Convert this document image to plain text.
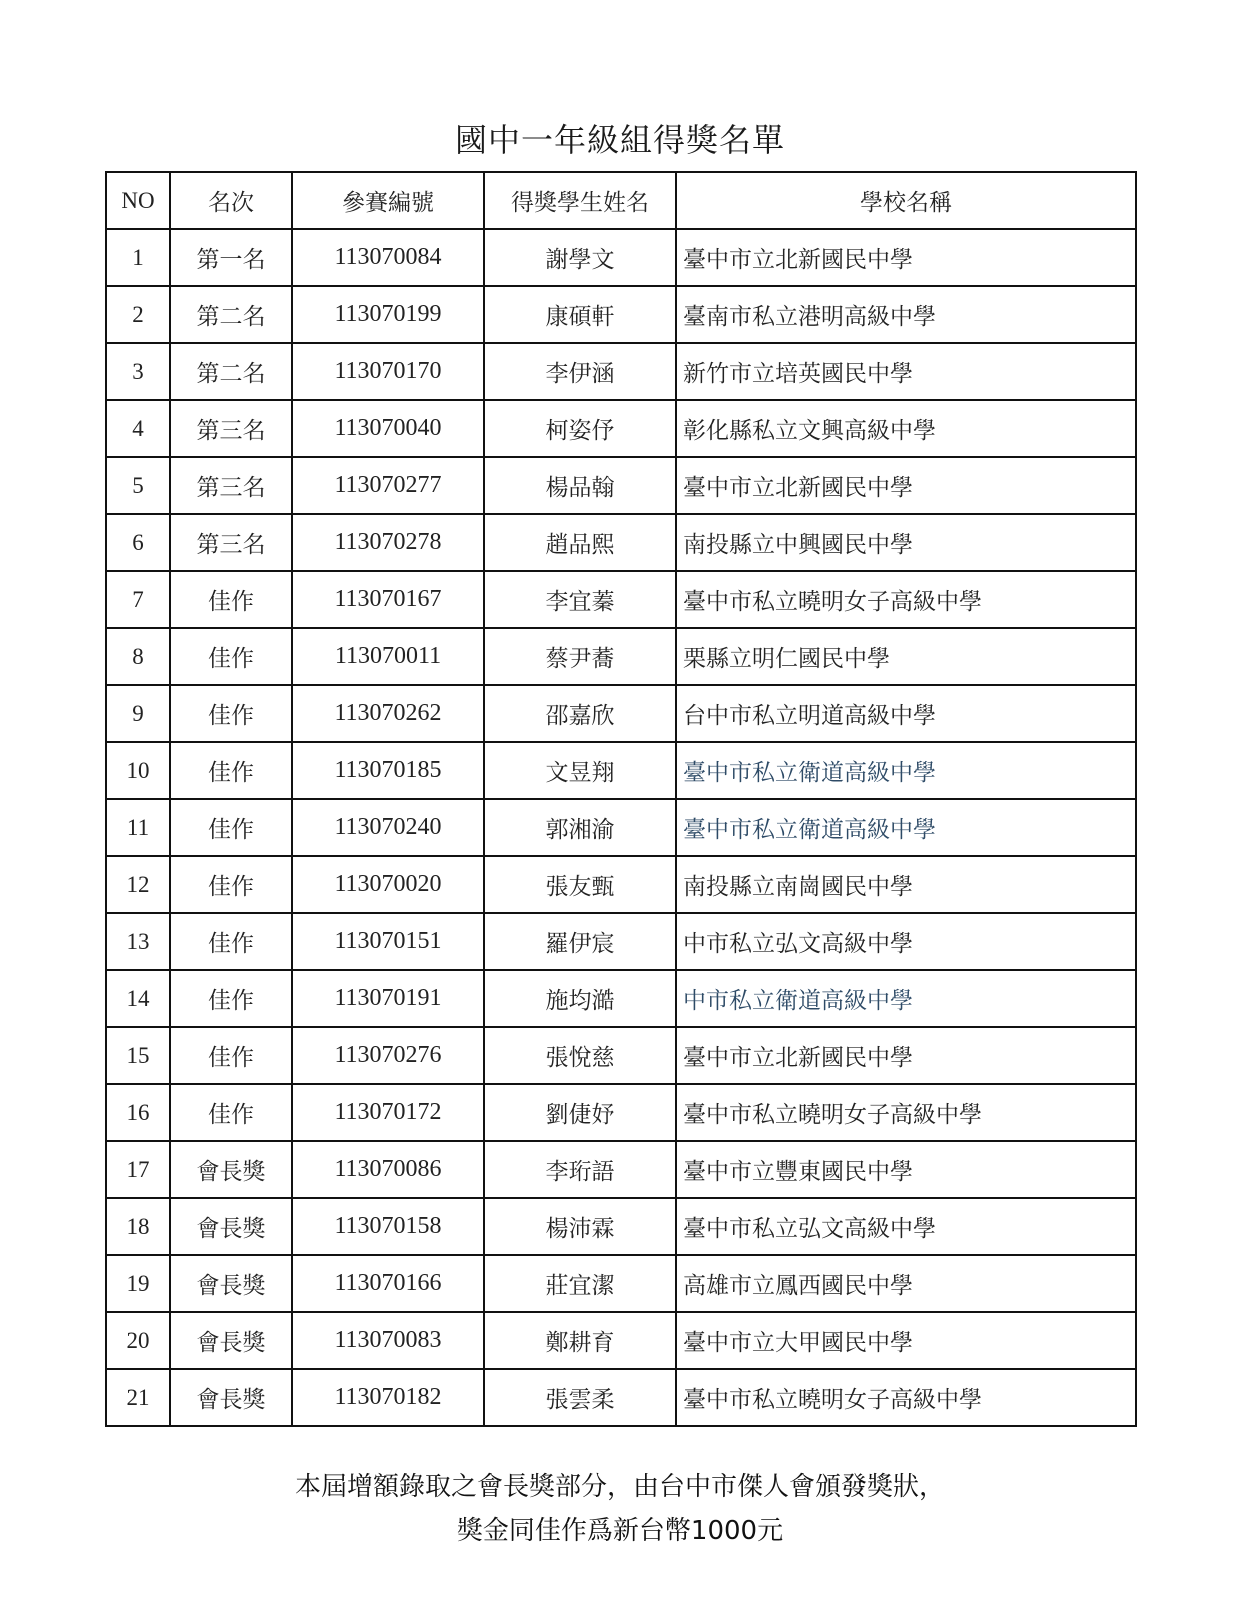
國中一年級組得獎名單
NO	名次	參賽編號	得獎學生姓名	學校名稱
1	第一名	113070084	謝學文	臺中市立北新國民中學
2	第二名	113070199	康碩軒	臺南市私立港明高級中學
3	第二名	113070170	李伊涵	新竹市立培英國民中學
4	第三名	113070040	柯姿伃	彰化縣私立文興高級中學
5	第三名	113070277	楊品翰	臺中市立北新國民中學
6	第三名	113070278	趙品熙	南投縣立中興國民中學
7	佳作	113070167	李宜蓁	臺中市私立曉明女子高級中學
8	佳作	113070011	蔡尹蕎	栗縣立明仁國民中學
9	佳作	113070262	邵嘉欣	台中市私立明道高級中學
10	佳作	113070185	文昱翔	臺中市私立衛道高級中學
11	佳作	113070240	郭湘渝	臺中市私立衛道高級中學
12	佳作	113070020	張友甄	南投縣立南崗國民中學
13	佳作	113070151	羅伊宸	中市私立弘文高級中學
14	佳作	113070191	施均澔	中市私立衛道高級中學
15	佳作	113070276	張悅慈	臺中市立北新國民中學
16	佳作	113070172	劉倢妤	臺中市私立曉明女子高級中學
17	會長獎	113070086	李珩語	臺中市立豐東國民中學
18	會長獎	113070158	楊沛霖	臺中市私立弘文高級中學
19	會長獎	113070166	莊宜潔	高雄市立鳳西國民中學
20	會長獎	113070083	鄭耕育	臺中市立大甲國民中學
21	會長獎	113070182	張雲柔	臺中市私立曉明女子高級中學
本屆增額錄取之會長獎部分，由台中市傑人會頒發獎狀，
獎金同佳作爲新台幣1000元
